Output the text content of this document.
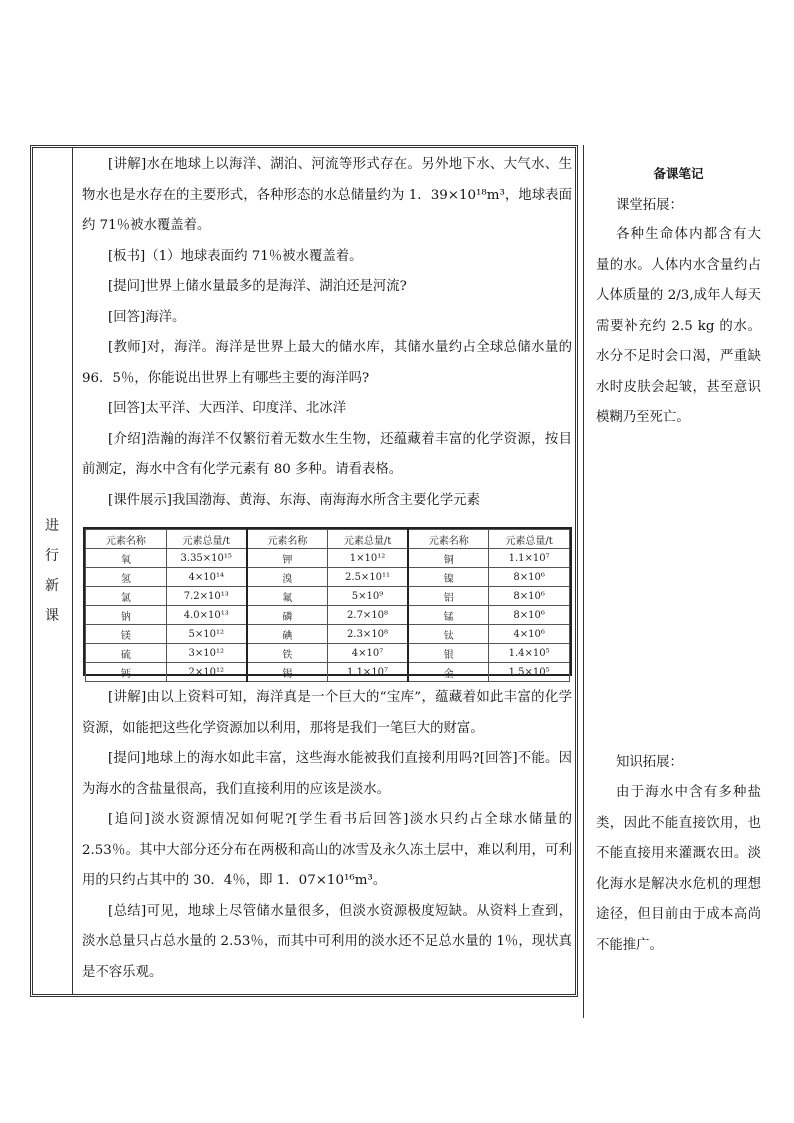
进
行
新
课

[讲解]水在地球上以海洋、湖泊、河流等形式存在。另外地下水、大气水、生物水也是水存在的主要形式，各种形态的水总储量约为 1．39×10¹⁸m³，地球表面约 71％被水覆盖着。

[板书]（1）地球表面约 71％被水覆盖着。

[提问]世界上储水量最多的是海洋、湖泊还是河流?

[回答]海洋。

[教师]对，海洋。海洋是世界上最大的储水库，其储水量约占全球总储水量的 96．5％，你能说出世界上有哪些主要的海洋吗?

[回答]太平洋、大西洋、印度洋、北冰洋

[介绍]浩瀚的海洋不仅繁衍着无数水生生物，还蕴藏着丰富的化学资源，按目前测定，海水中含有化学元素有 80 多种。请看表格。

[课件展示]我国渤海、黄海、东海、南海海水所含主要化学元素

元素名称	元素总量/t	元素名称	元素总量/t	元素名称	元素总量/t
氧	3.35×10¹⁵	钾	1×10¹²	铜	1.1×10⁷
氢	4×10¹⁴	溴	2.5×10¹¹	镍	8×10⁶
氯	7.2×10¹³	氟	5×10⁹	铝	8×10⁶
钠	4.0×10¹³	磷	2.7×10⁸	锰	8×10⁶
镁	5×10¹²	碘	2.3×10⁸	钛	4×10⁶
硫	3×10¹²	铁	4×10⁷	银	1.4×10⁵
钙	2×10¹²	锡	1.1×10⁷	金	1.5×10⁵

[讲解]由以上资料可知，海洋真是一个巨大的“宝库”，蕴藏着如此丰富的化学资源，如能把这些化学资源加以利用，那将是我们一笔巨大的财富。

[提问]地球上的海水如此丰富，这些海水能被我们直接利用吗?[回答]不能。因为海水的含盐量很高，我们直接利用的应该是淡水。

[追问]淡水资源情况如何呢?[学生看书后回答]淡水只约占全球水储量的 2.53％。其中大部分还分布在两极和高山的冰雪及永久冻土层中，难以利用，可利用的只约占其中的 30．4％，即 1．07×10¹⁶m³。

[总结]可见，地球上尽管储水量很多，但淡水资源极度短缺。从资料上查到，淡水总量只占总水量的 2.53％，而其中可利用的淡水还不足总水量的 1％，现状真是不容乐观。

备课笔记

课堂拓展：

各种生命体内都含有大量的水。人体内水含量约占人体质量的 2/3,成年人每天需要补充约 2.5 kg 的水。水分不足时会口渴，严重缺水时皮肤会起皱，甚至意识模糊乃至死亡。

知识拓展：

由于海水中含有多种盐类，因此不能直接饮用，也不能直接用来灌溉农田。淡化海水是解决水危机的理想途径，但目前由于成本高尚不能推广。
